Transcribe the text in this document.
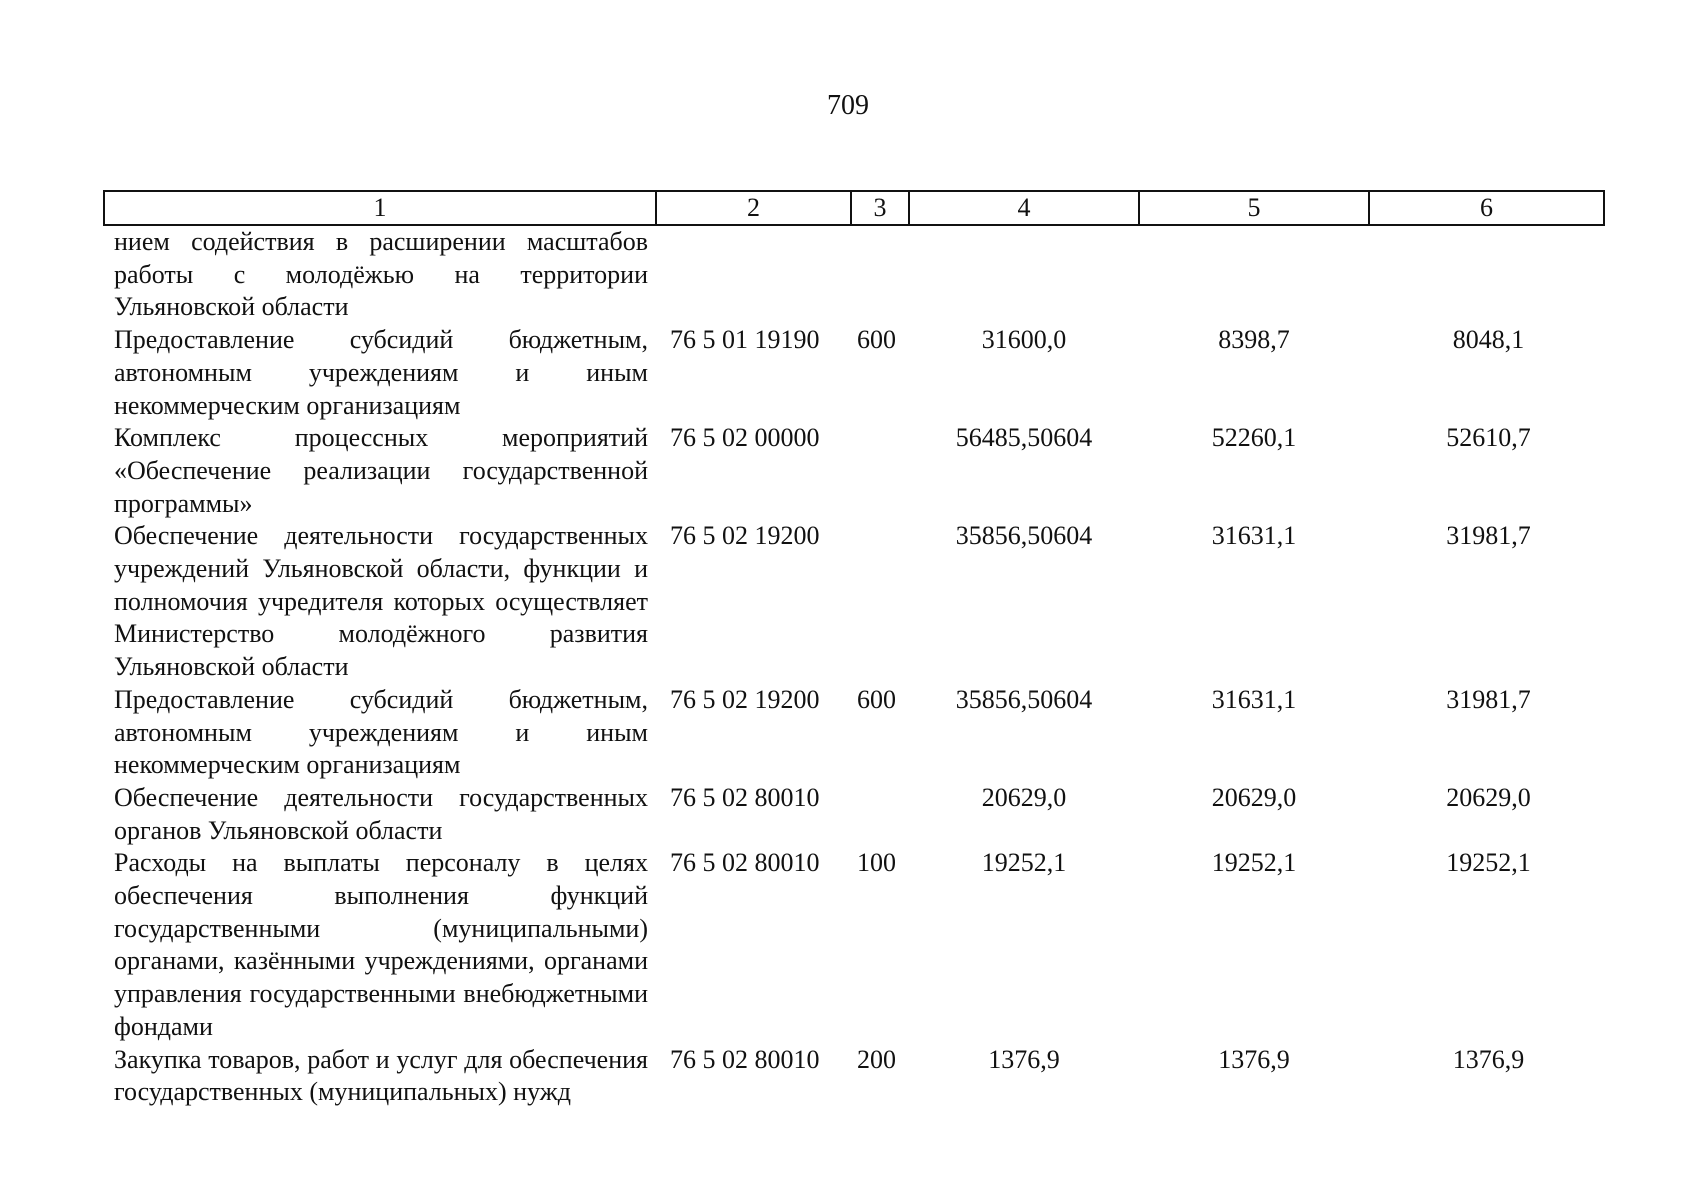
709
1	2	3	4	5	6
нием содействия в расширении масштабов работы с молодёжью на территории Ульяновской области					
Предоставление субсидий бюджетным, автономным учреждениям и иным некоммерческим организациям	76 5 01 19190	600	31600,0	8398,7	8048,1
Комплекс процессных мероприятий «Обеспечение реализации государственной программы»	76 5 02 00000		56485,50604	52260,1	52610,7
Обеспечение деятельности государственных учреждений Ульяновской области, функции и полномочия учредителя которых осуществляет Министерство молодёжного развития Ульяновской области	76 5 02 19200		35856,50604	31631,1	31981,7
Предоставление субсидий бюджетным, автономным учреждениям и иным некоммерческим организациям	76 5 02 19200	600	35856,50604	31631,1	31981,7
Обеспечение деятельности государственных органов Ульяновской области	76 5 02 80010		20629,0	20629,0	20629,0
Расходы на выплаты персоналу в целях обеспечения выполнения функций государственными (муниципальными) органами, казёнными учреждениями, органами управления государственными внебюджетными фондами	76 5 02 80010	100	19252,1	19252,1	19252,1
Закупка товаров, работ и услуг для обеспечения государственных (муниципальных) нужд	76 5 02 80010	200	1376,9	1376,9	1376,9
